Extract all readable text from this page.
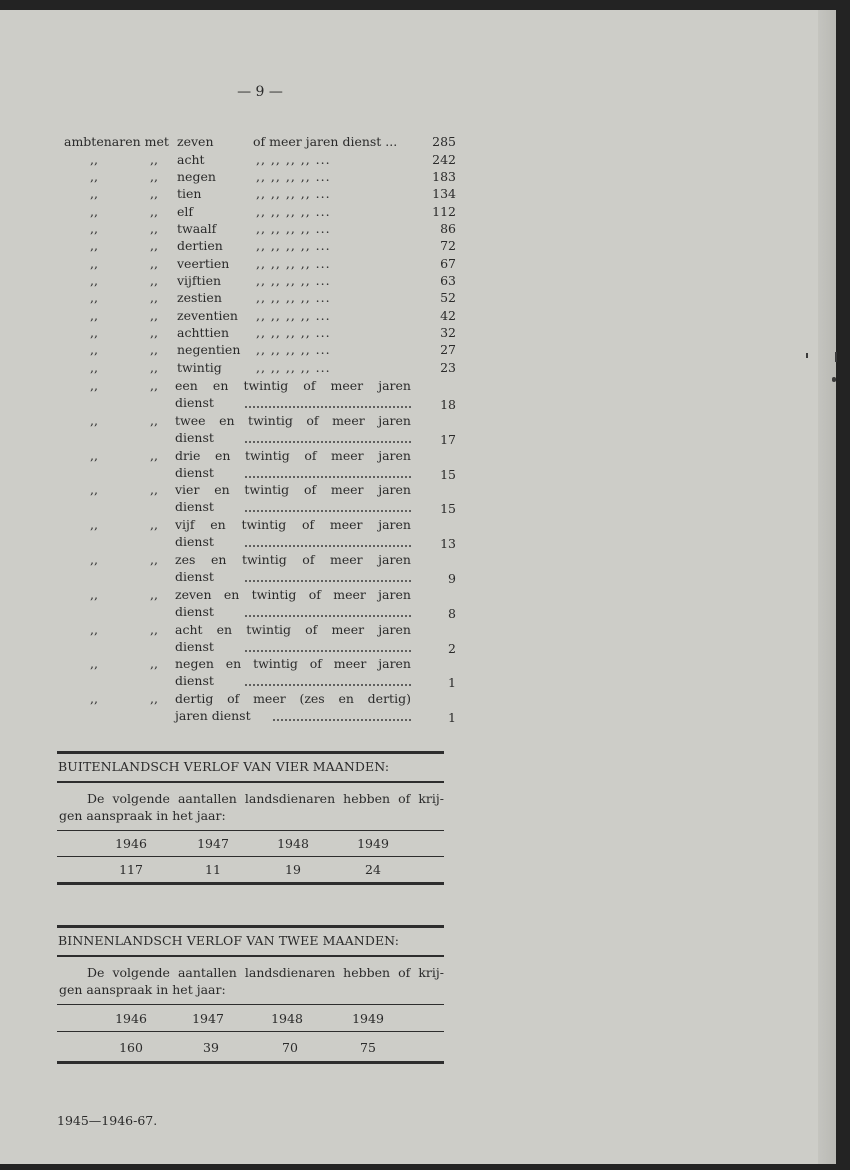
— 9 —
ambtenaren met zeven	of meer jaren dienst ...	285
,,	,, acht	,, ,, ,, ,, ...	242
,,	,, negen	,, ,, ,, ,, ...	183
,,	,, tien	,, ,, ,, ,, ...	134
,,	,, elf	,, ,, ,, ,, ...	112
,,	,, twaalf	,, ,, ,, ,, ...	86
,,	,, dertien	,, ,, ,, ,, ...	72
,,	,, veertien ,, ,, ,, ,, ...	67
,,	,, vijftien	,, ,, ,, ,, ...	63
,,	,, zestien	,, ,, ,, ,, ...	52
,,	,, zeventien ,, ,, ,, ,, ...	42
,,	,, achttien ,, ,, ,, ,, ...	32
,,	,, negentien ,, ,, ,, ,, ...	27
,,	,, twintig	,, ,, ,, ,, ...	23
,,	,, een en twintig of meer jaren
dienst	18
,,	,, twee en twintig of meer jaren
dienst	17
,,	,, drie en twintig of meer jaren
dienst	15
,,	,, vier en twintig of meer jaren
dienst	15
,,	,, vijf en twintig of meer jaren
dienst	13
,,	,, zes en twintig of meer jaren
dienst	9
,,	,, zeven en twintig of meer jaren
dienst	8
,,	,, acht en twintig of meer jaren
dienst	2
,,	,, negen en twintig of meer jaren
dienst	1
,,	,, dertig of meer (zes en dertig)
jaren dienst	1
BUITENLANDSCH VERLOF VAN VIER MAANDEN:
De volgende aantallen landsdienaren hebben of krij-
gen aanspraak in het jaar:
1946	1947	1948	1949
117	11	19	24
BINNENLANDSCH VERLOF VAN TWEE MAANDEN:
De volgende aantallen landsdienaren hebben of krij-
gen aanspraak in het jaar:
1946	1947	1948	1949
160	39	70	75
1945—1946-67.
